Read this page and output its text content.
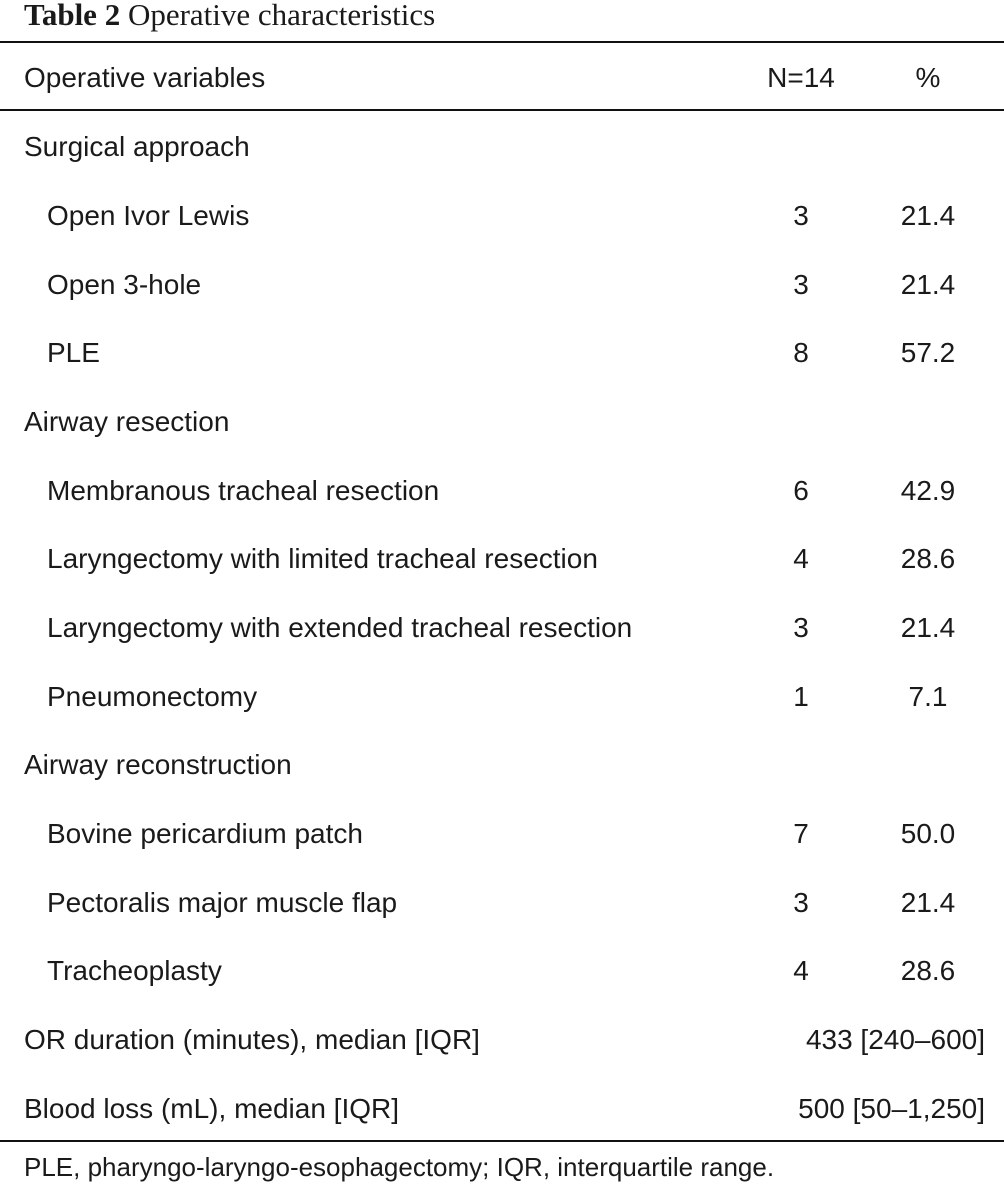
Table 2 Operative characteristics
Operative variables	N=14	%
Surgical approach
Open Ivor Lewis	3	21.4
Open 3-hole	3	21.4
PLE	8	57.2
Airway resection
Membranous tracheal resection	6	42.9
Laryngectomy with limited tracheal resection	4	28.6
Laryngectomy with extended tracheal resection	3	21.4
Pneumonectomy	1	7.1
Airway reconstruction
Bovine pericardium patch	7	50.0
Pectoralis major muscle flap	3	21.4
Tracheoplasty	4	28.6
OR duration (minutes), median [IQR]	433 [240–600]
Blood loss (mL), median [IQR]	500 [50–1,250]
PLE, pharyngo-laryngo-esophagectomy; IQR, interquartile range.
